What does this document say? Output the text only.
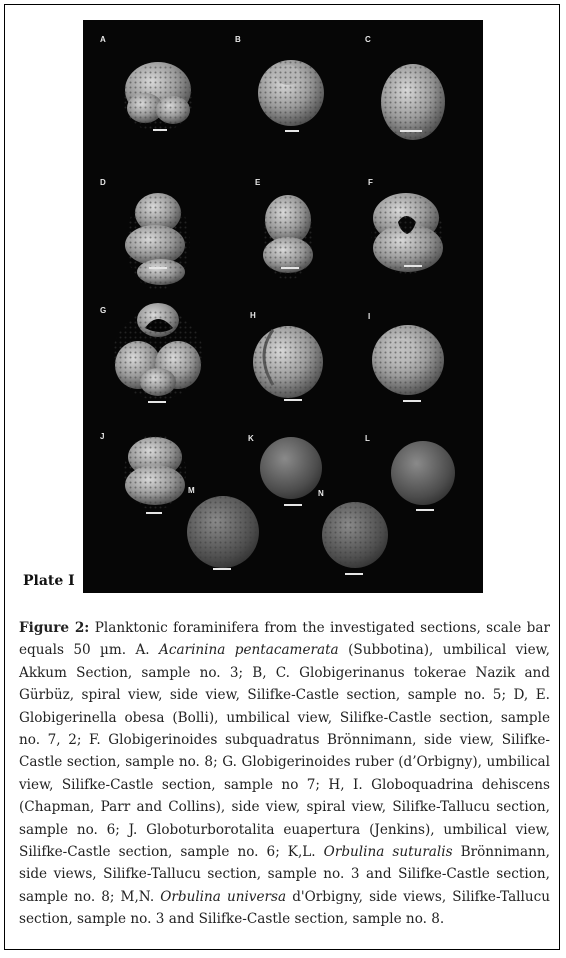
A	B	C
D	E	F
G
H	I
J	K	L
M	N
Plate I
Figure 2: Planktonic foraminifera from the investigated sections, scale bar equals 50 µm. A. Acarinina pentacamerata (Subbotina), umbilical view, Akkum Section, sample no. 3; B, C. Globigerinanus tokerae Nazik and Gürbüz, spiral view, side view, Silifke-Castle section, sample no. 5; D, E. Globigerinella obesa (Bolli), umbilical view, Silifke-Castle section, sample no. 7, 2; F. Globigerinoides subquadratus Brönnimann, side view, Silifke-Castle section, sample no. 8; G. Globigerinoides ruber (d’Orbigny), umbilical view, Silifke-Castle section, sample no 7; H, I. Globoquadrina dehiscens (Chapman, Parr and Collins), side view, spiral view, Silifke-Tallucu section, sample no. 6; J. Globoturborotalita euapertura (Jenkins), umbilical view, Silifke-Castle section, sample no. 6; K,L. Orbulina suturalis Brönnimann, side views, Silifke-Tallucu section, sample no. 3 and Silifke-Castle section, sample no. 8; M,N. Orbulina universa d'Orbigny, side views, Silifke-Tallucu section, sample no. 3 and Silifke-Castle section, sample no. 8.
